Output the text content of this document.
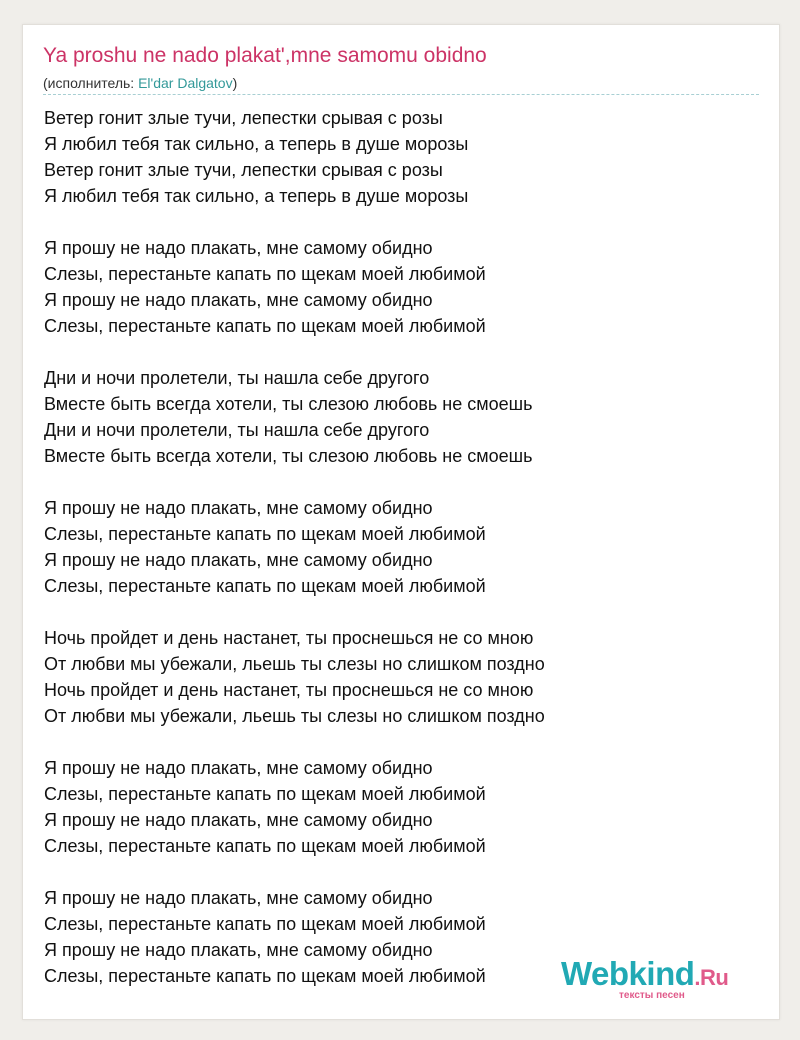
Ya proshu ne nado plakat',mne samomu obidno
(исполнитель: El'dar Dalgatov)
Ветер гонит злые тучи, лепестки срывая с розы
Я любил тебя так сильно, а теперь в душе морозы
Ветер гонит злые тучи, лепестки срывая с розы
Я любил тебя так сильно, а теперь в душе морозы
Я прошу не надо плакать, мне самому обидно
Слезы, перестаньте капать по щекам моей любимой
Я прошу не надо плакать, мне самому обидно
Слезы, перестаньте капать по щекам моей любимой
Дни и ночи пролетели, ты нашла себе другого
Вместе быть всегда хотели, ты слезою любовь не смоешь
Дни и ночи пролетели, ты нашла себе другого
Вместе быть всегда хотели, ты слезою любовь не смоешь
Я прошу не надо плакать, мне самому обидно
Слезы, перестаньте капать по щекам моей любимой
Я прошу не надо плакать, мне самому обидно
Слезы, перестаньте капать по щекам моей любимой
Ночь пройдет и день настанет, ты проснешься не со мною
От любви мы убежали, льешь ты слезы но слишком поздно
Ночь пройдет и день настанет, ты проснешься не со мною
От любви мы убежали, льешь ты слезы но слишком поздно
Я прошу не надо плакать, мне самому обидно
Слезы, перестаньте капать по щекам моей любимой
Я прошу не надо плакать, мне самому обидно
Слезы, перестаньте капать по щекам моей любимой
Я прошу не надо плакать, мне самому обидно
Слезы, перестаньте капать по щекам моей любимой
Я прошу не надо плакать, мне самому обидно
Слезы, перестаньте капать по щекам моей любимой	Webkind.Ru
тексты песен
